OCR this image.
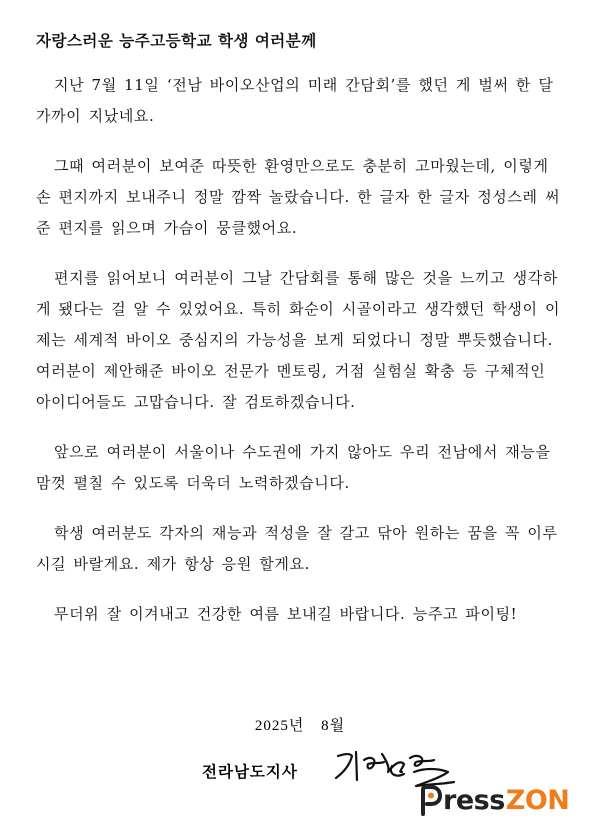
자랑스러운 능주고등학교 학생 여러분께

지난 7월 11일 ‘전남 바이오산업의 미래 간담회’를 했던 게 벌써 한 달 가까이 지났네요.

그때 여러분이 보여준 따뜻한 환영만으로도 충분히 고마웠는데, 이렇게 손 편지까지 보내주니 정말 깜짝 놀랐습니다. 한 글자 한 글자 정성스레 써 준 편지를 읽으며 가슴이 뭉클했어요.

편지를 읽어보니 여러분이 그날 간담회를 통해 많은 것을 느끼고 생각하게 됐다는 걸 알 수 있었어요. 특히 화순이 시골이라고 생각했던 학생이 이제는 세계적 바이오 중심지의 가능성을 보게 되었다니 정말 뿌듯했습니다. 여러분이 제안해준 바이오 전문가 멘토링, 거점 실험실 확충 등 구체적인 아이디어들도 고맙습니다. 잘 검토하겠습니다.

앞으로 여러분이 서울이나 수도권에 가지 않아도 우리 전남에서 재능을 맘껏 펼칠 수 있도록 더욱더 노력하겠습니다.

학생 여러분도 각자의 재능과 적성을 잘 갈고 닦아 원하는 꿈을 꼭 이루시길 바랄게요. 제가 항상 응원 할게요.

무더위 잘 이겨내고 건강한 여름 보내길 바랍니다. 능주고 파이팅!

2025년 8월
전라남도지사
ress ZON
